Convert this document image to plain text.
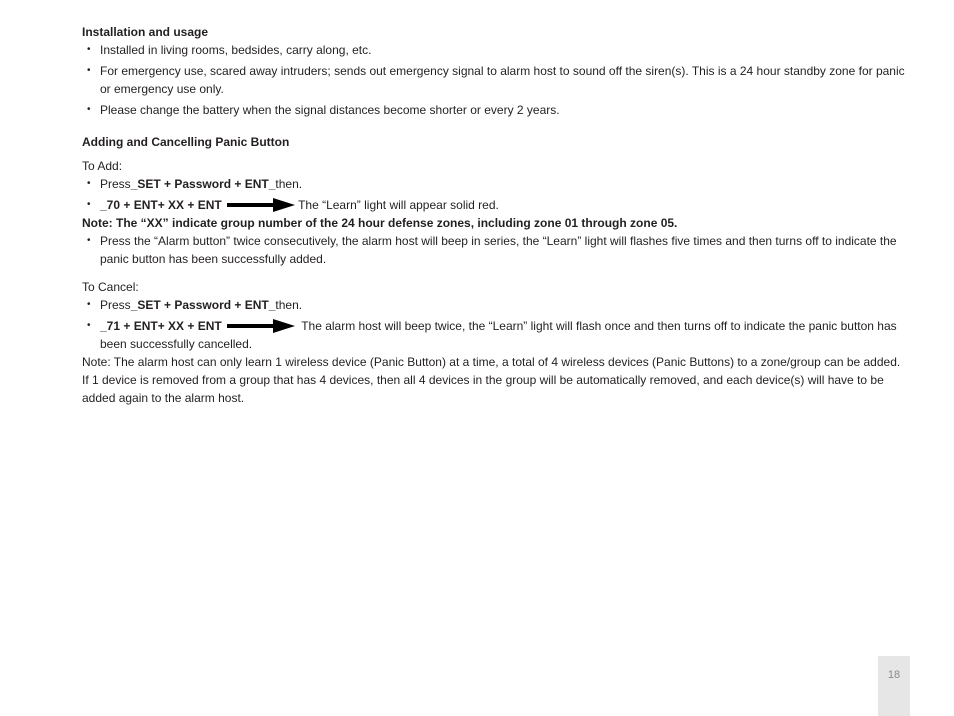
Installation and usage

• Installed in living rooms, bedsides, carry along, etc.
• For emergency use, scared away intruders; sends out emergency signal to alarm host to sound off the siren(s). This is a 24 hour standby zone for panic or emergency use only.
• Please change the battery when the signal distances become shorter or every 2 years.

Adding and Cancelling Panic Button

To Add:

• Press_SET + Password + ENT_then.
• _70 + ENT+ XX + ENT	The “Learn” light will appear solid red.

Note: The “XX” indicate group number of the 24 hour defense zones, including zone 01 through zone 05.

• Press the “Alarm button” twice consecutively, the alarm host will beep in series, the “Learn” light will flashes five times and then turns off to indicate the panic button has been successfully added.

To Cancel:

• Press_SET + Password + ENT_then.
• _71 + ENT+ XX + ENT	The alarm host will beep twice, the “Learn” light will flash once and then turns off to indicate the panic button has been successfully cancelled.

Note: The alarm host can only learn 1 wireless device (Panic Button) at a time, a total of 4 wireless devices (Panic Buttons) to a zone/group can be added. If 1 device is removed from a group that has 4 devices, then all 4 devices in the group will be automatically removed, and each device(s) will have to be added again to the alarm host.

18
